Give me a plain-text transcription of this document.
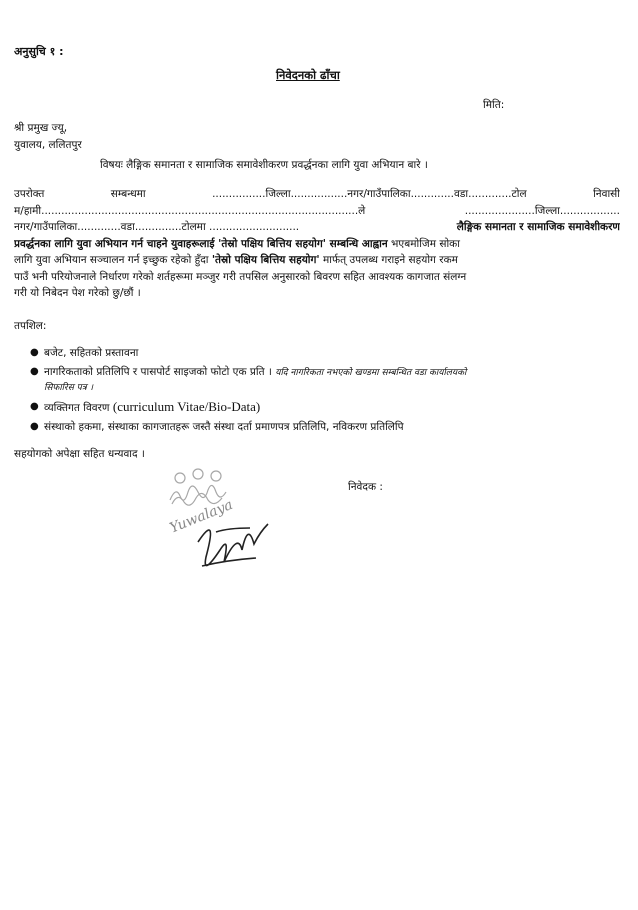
अनुसुचि १ :
निवेदनको ढाँचा
मिति:
श्री प्रमुख ज्यू,
युवालय, ललितपुर
विषयः लैङ्गिक समानता र सामाजिक समावेशीकरण प्रवर्द्धनका लागि युवा अभियान बारे ।
उपरोक्त	सम्बन्धमा	................जिल्ला.................नगर/गाउँपालिका.............वडा.............टोल	निवासी
म/हामी...............................................................................................ले	.....................जिल्ला..................
नगर/गाउँपालिका.............वडा..............टोलमा ...........................	लैङ्गिक समानता र सामाजिक समावेशीकरण
प्रवर्द्धनका लागि युवा अभियान गर्न चाहने युवाहरूलाई 'तेस्रो पक्षिय बित्तिय सहयोग' सम्बन्धि आह्वान भएबमोजिम सोका
लागि युवा अभियान सञ्चालन गर्न इच्छुक रहेको हुँदा 'तेस्रो पक्षिय बित्तिय सहयोग' मार्फत् उपलब्ध गराइने सहयोग रकम
पाउँ भनी परियोजनाले निर्धारण गरेको शर्तहरूमा मञ्जुर गरी तपसिल अनुसारको बिवरण सहित आवश्यक कागजात संलग्न
गरी यो निबेदन पेश गरेको छु/छौं ।
तपशिल:
● बजेट, सहितको प्रस्तावना
● नागरिकताको प्रतिलिपि र पासपोर्ट साइजको फोटो एक प्रति । यदि नागरिकता नभएको खण्डमा सम्बन्धित वडा कार्यालयको
सिफारिस पत्र ।
● व्यक्तिगत विवरण (curriculum Vitae/Bio-Data)
● संस्थाको हकमा, संस्थाका कागजातहरू जस्तै संस्था दर्ता प्रमाणपत्र प्रतिलिपि, नविकरण प्रतिलिपि
सहयोगको अपेक्षा सहित धन्यवाद ।
निवेदक :
Yuwalaya
